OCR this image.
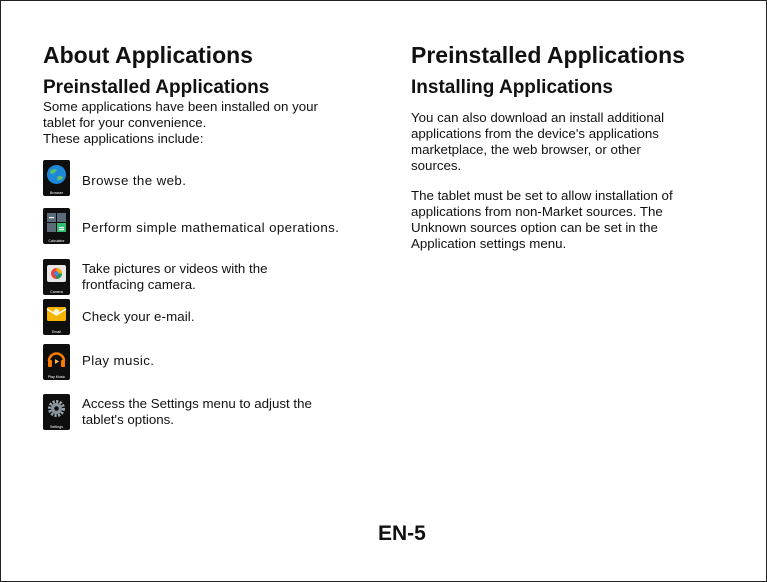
About Applications
Preinstalled Applications
Some applications have been installed on your
tablet for your convenience.
These applications include:
Browser
Browse the web.
Calculator
Perform simple mathematical operations.
Camera
Take pictures or videos with the
frontfacing camera.
Email
Check your e-mail.
Play Music
Play music.
Settings
Access the Settings menu to adjust the
tablet's options.
Preinstalled Applications
Installing Applications
You can also download an install additional
applications from the device's applications
marketplace, the web browser, or other
sources.
The tablet must be set to allow installation of
applications from non-Market sources. The
Unknown sources option can be set in the
Application settings menu.
EN-5
